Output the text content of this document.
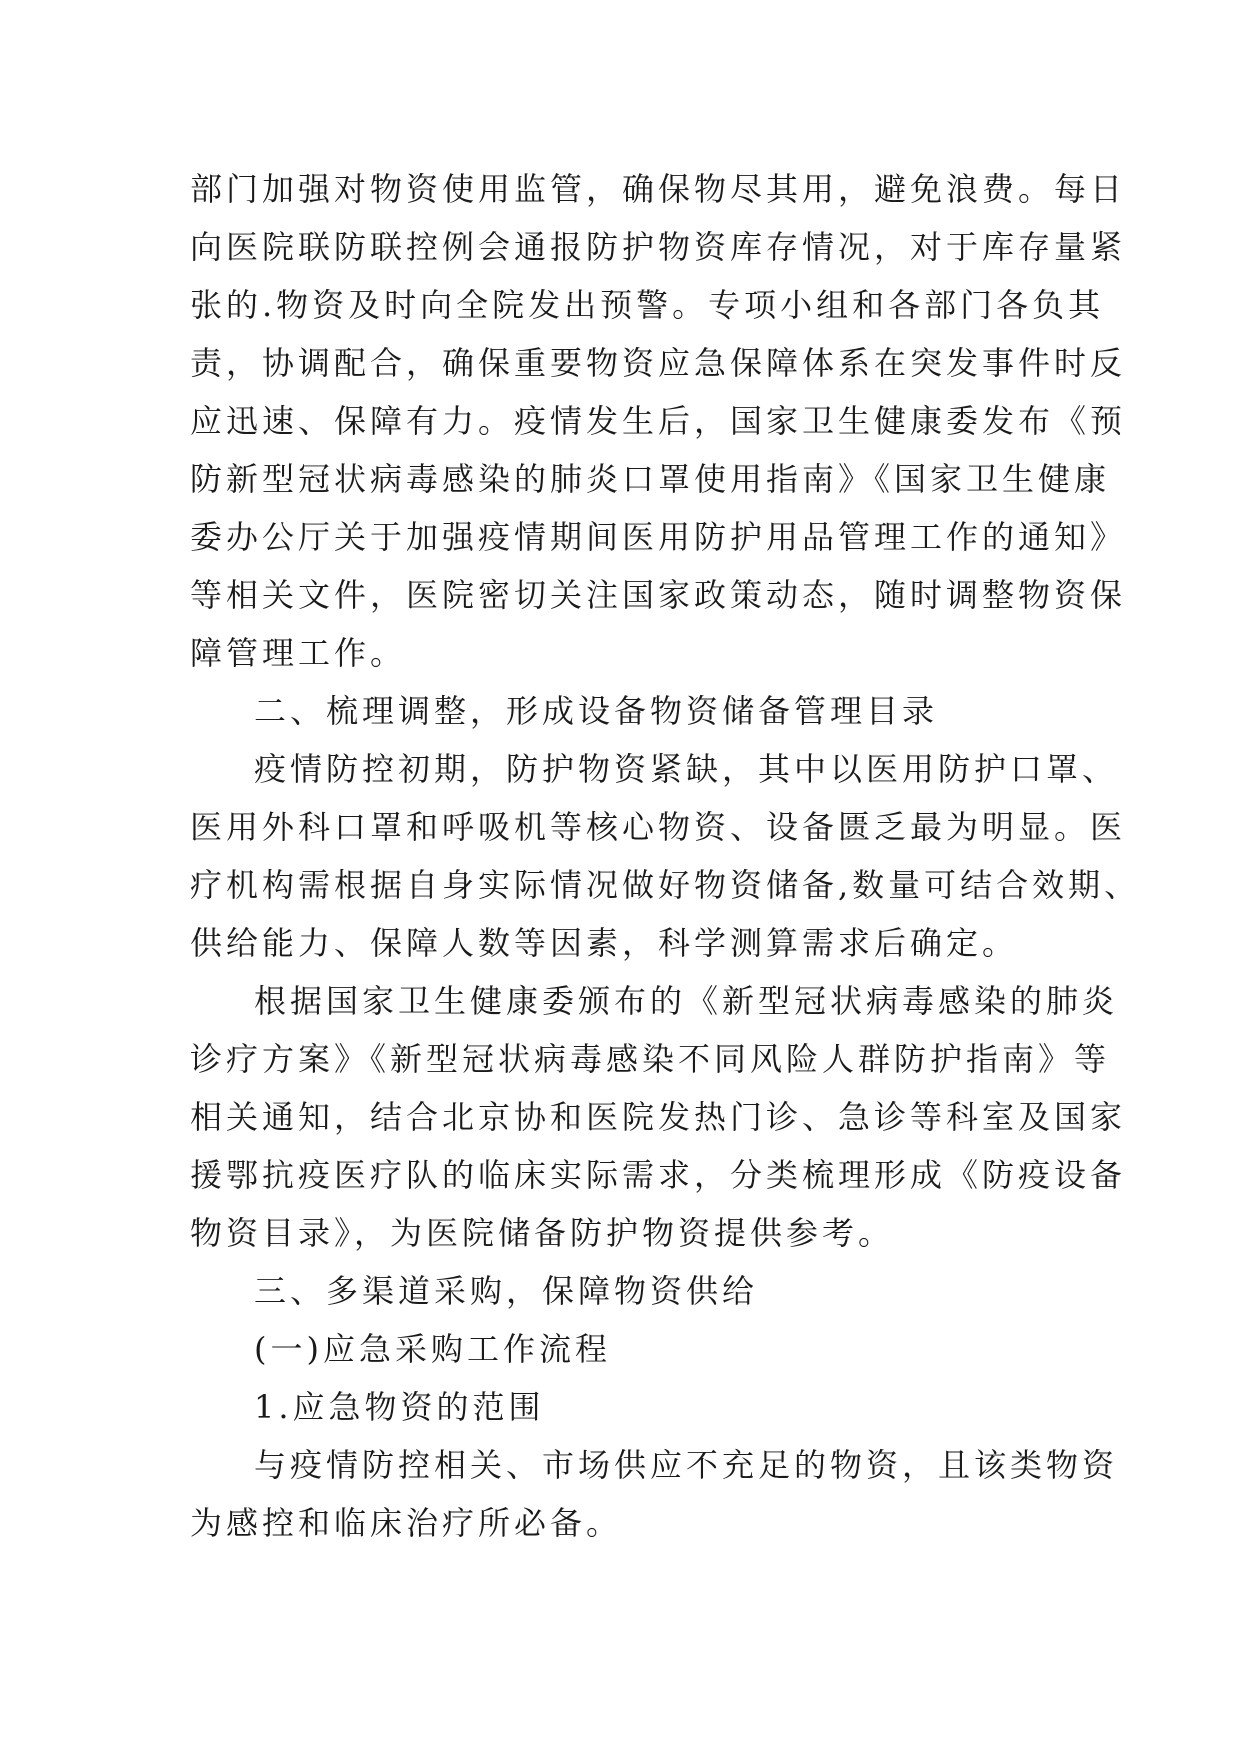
部门加强对物资使用监管，确保物尽其用，避免浪费。每日
向医院联防联控例会通报防护物资库存情况，对于库存量紧
张的.物资及时向全院发出预警。专项小组和各部门各负其
责，协调配合，确保重要物资应急保障体系在突发事件时反
应迅速、保障有力。疫情发生后，国家卫生健康委发布《预
防新型冠状病毒感染的肺炎口罩使用指南》《国家卫生健康
委办公厅关于加强疫情期间医用防护用品管理工作的通知》
等相关文件，医院密切关注国家政策动态，随时调整物资保
障管理工作。
二、梳理调整，形成设备物资储备管理目录
疫情防控初期，防护物资紧缺，其中以医用防护口罩、
医用外科口罩和呼吸机等核心物资、设备匮乏最为明显。医
疗机构需根据自身实际情况做好物资储备,数量可结合效期、
供给能力、保障人数等因素，科学测算需求后确定。
根据国家卫生健康委颁布的《新型冠状病毒感染的肺炎
诊疗方案》《新型冠状病毒感染不同风险人群防护指南》等
相关通知，结合北京协和医院发热门诊、急诊等科室及国家
援鄂抗疫医疗队的临床实际需求，分类梳理形成《防疫设备
物资目录》，为医院储备防护物资提供参考。
三、多渠道采购，保障物资供给
(一)应急采购工作流程
1.应急物资的范围
与疫情防控相关、市场供应不充足的物资，且该类物资
为感控和临床治疗所必备。
